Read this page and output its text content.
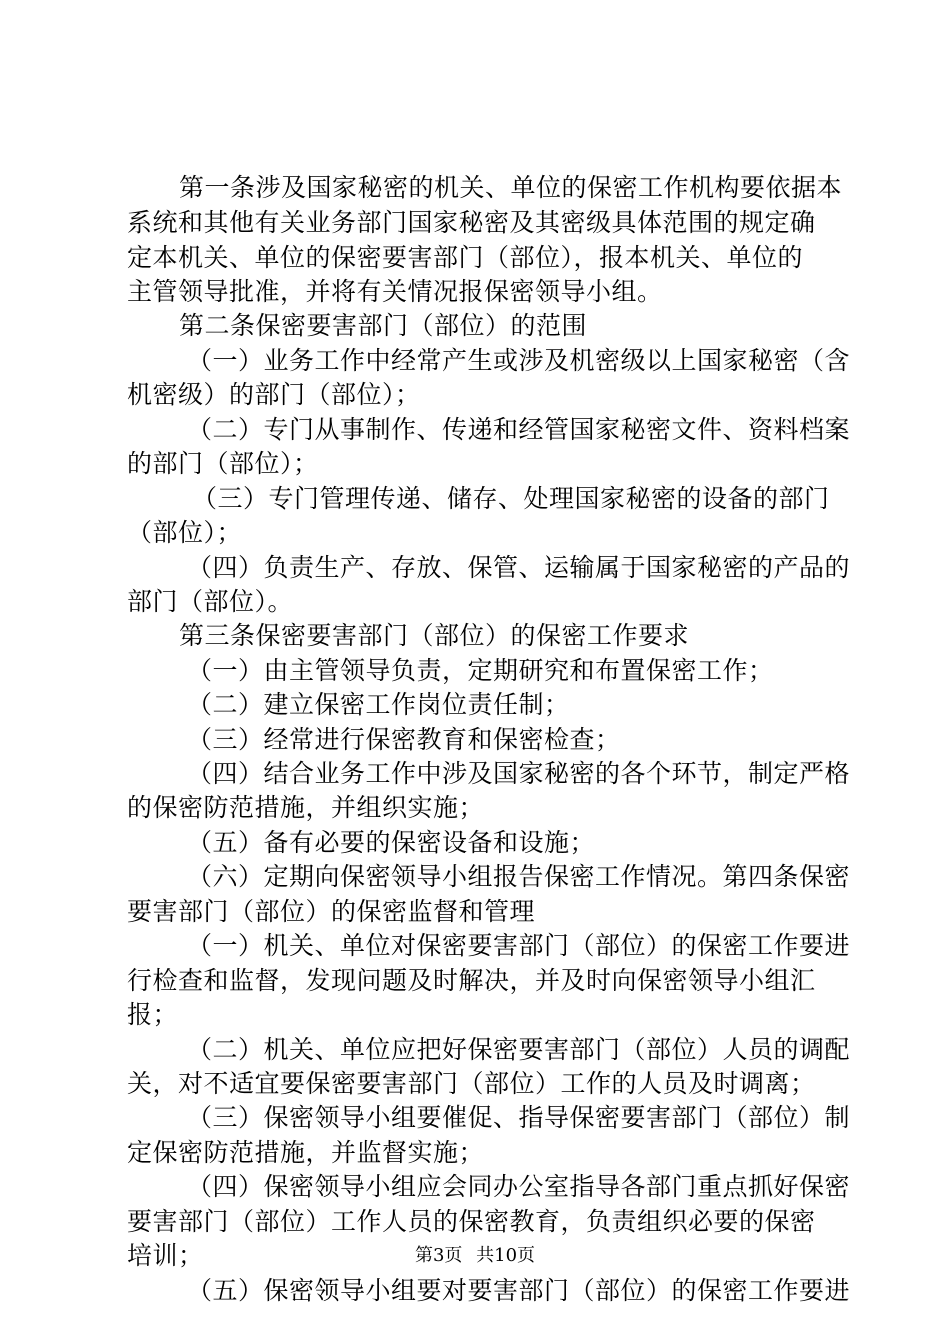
第一条涉及国家秘密的机关、单位的保密工作机构要依据本
系统和其他有关业务部门国家秘密及其密级具体范围的规定确
定本机关、单位的保密要害部门（部位），报本机关、单位的
主管领导批准，并将有关情况报保密领导小组。
第二条保密要害部门（部位）的范围
（一）业务工作中经常产生或涉及机密级以上国家秘密（含
机密级）的部门（部位）；
（二）专门从事制作、传递和经管国家秘密文件、资料档案
的部门（部位）；
（三）专门管理传递、储存、处理国家秘密的设备的部门
（部位）；
（四）负责生产、存放、保管、运输属于国家秘密的产品的
部门（部位）。
第三条保密要害部门（部位）的保密工作要求
（一）由主管领导负责，定期研究和布置保密工作；
（二）建立保密工作岗位责任制；
（三）经常进行保密教育和保密检查；
（四）结合业务工作中涉及国家秘密的各个环节，制定严格
的保密防范措施，并组织实施；
（五）备有必要的保密设备和设施；
（六）定期向保密领导小组报告保密工作情况。第四条保密
要害部门（部位）的保密监督和管理
（一）机关、单位对保密要害部门（部位）的保密工作要进
行检查和监督，发现问题及时解决，并及时向保密领导小组汇
报；
（二）机关、单位应把好保密要害部门（部位）人员的调配
关，对不适宜要保密要害部门（部位）工作的人员及时调离；
（三）保密领导小组要催促、指导保密要害部门（部位）制
定保密防范措施，并监督实施；
（四）保密领导小组应会同办公室指导各部门重点抓好保密
要害部门（部位）工作人员的保密教育，负责组织必要的保密
培训；
（五）保密领导小组要对要害部门（部位）的保密工作要进
第3页 共10页
